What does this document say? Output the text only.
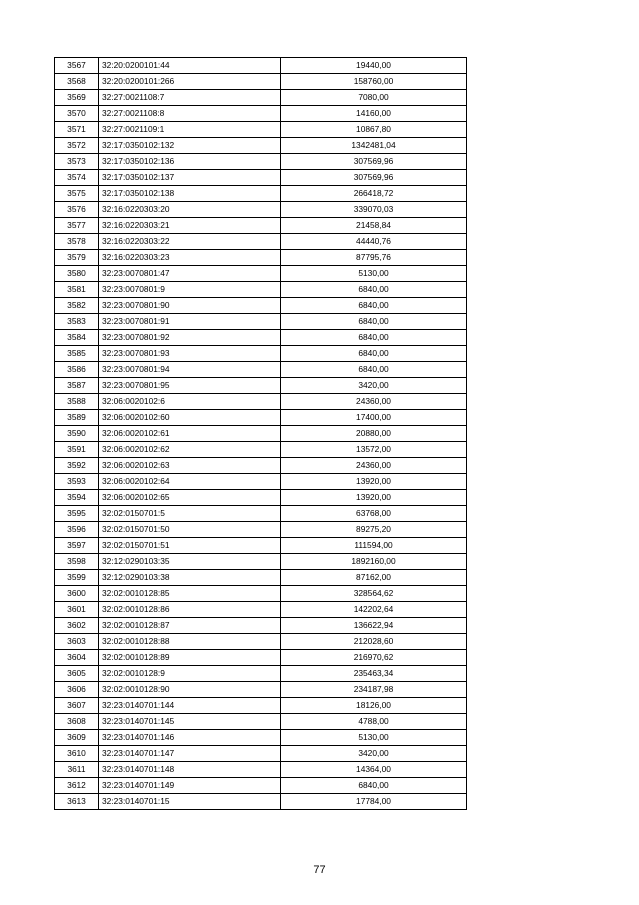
3567	32:20:0200101:44	19440,00
3568	32:20:0200101:266	158760,00
3569	32:27:0021108:7	7080,00
3570	32:27:0021108:8	14160,00
3571	32:27:0021109:1	10867,80
3572	32:17:0350102:132	1342481,04
3573	32:17:0350102:136	307569,96
3574	32:17:0350102:137	307569,96
3575	32:17:0350102:138	266418,72
3576	32:16:0220303:20	339070,03
3577	32:16:0220303:21	21458,84
3578	32:16:0220303:22	44440,76
3579	32:16:0220303:23	87795,76
3580	32:23:0070801:47	5130,00
3581	32:23:0070801:9	6840,00
3582	32:23:0070801:90	6840,00
3583	32:23:0070801:91	6840,00
3584	32:23:0070801:92	6840,00
3585	32:23:0070801:93	6840,00
3586	32:23:0070801:94	6840,00
3587	32:23:0070801:95	3420,00
3588	32:06:0020102:6	24360,00
3589	32:06:0020102:60	17400,00
3590	32:06:0020102:61	20880,00
3591	32:06:0020102:62	13572,00
3592	32:06:0020102:63	24360,00
3593	32:06:0020102:64	13920,00
3594	32:06:0020102:65	13920,00
3595	32:02:0150701:5	63768,00
3596	32:02:0150701:50	89275,20
3597	32:02:0150701:51	111594,00
3598	32:12:0290103:35	1892160,00
3599	32:12:0290103:38	87162,00
3600	32:02:0010128:85	328564,62
3601	32:02:0010128:86	142202,64
3602	32:02:0010128:87	136622,94
3603	32:02:0010128:88	212028,60
3604	32:02:0010128:89	216970,62
3605	32:02:0010128:9	235463,34
3606	32:02:0010128:90	234187,98
3607	32:23:0140701:144	18126,00
3608	32:23:0140701:145	4788,00
3609	32:23:0140701:146	5130,00
3610	32:23:0140701:147	3420,00
3611	32:23:0140701:148	14364,00
3612	32:23:0140701:149	6840,00
3613	32:23:0140701:15	17784,00
77
